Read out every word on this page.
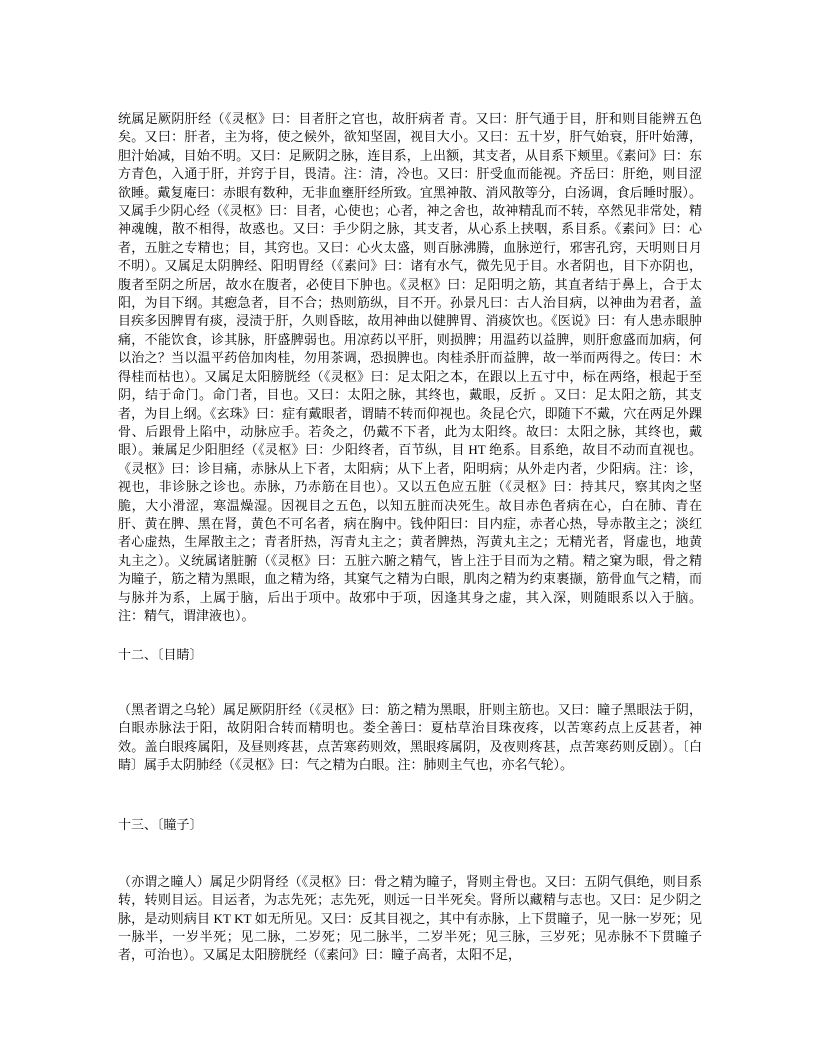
统属足厥阴肝经（《灵枢》曰：目者肝之官也，故肝病者 青。又曰：肝气通于目，肝和则目能辨五色矣。又曰：肝者，主为将，使之候外，欲知坚固，视目大小。又曰：五十岁，肝气始衰，肝叶始薄，胆汁始减，目始不明。又曰：足厥阴之脉，连目系，上出额，其支者，从目系下颊里。《素问》曰：东方青色，入通于肝，并窍于目，畏清。注：清，冷也。又曰：肝受血而能视。齐岳曰：肝绝，则目涩欲睡。戴复庵曰：赤眼有数种，无非血壅肝经所致。宜黑神散、消风散等分，白汤调，食后睡时服）。又属手少阴心经（《灵枢》曰：目者，心使也；心者，神之舍也，故神精乱而不转，卒然见非常处，精神魂魄，散不相得，故惑也。又曰：手少阴之脉，其支者，从心系上挟咽，系目系。《素问》曰：心者，五脏之专精也；目，其窍也。又曰：心火太盛，则百脉沸腾，血脉逆行，邪害孔窍，天明则日月不明）。又属足太阴脾经、阳明胃经（《素问》曰：诸有水气，微先见于目。水者阴也，目下亦阴也，腹者至阴之所居，故水在腹者，必使目下肿也。《灵枢》曰：足阳明之筋，其直者结于鼻上，合于太阳，为目下纲。其瘛急者，目不合；热则筋纵，目不开。孙景凡曰：古人治目病，以神曲为君者，盖目疾多因脾胃有痰，浸渍于肝，久则昏眩，故用神曲以健脾胃、消痰饮也。《医说》曰：有人患赤眼肿痛，不能饮食，诊其脉，肝盛脾弱也。用凉药以平肝，则损脾；用温药以益脾，则肝愈盛而加病，何以治之？当以温平药倍加肉桂，勿用茶调，恐损脾也。肉桂杀肝而益脾，故一举而两得之。传曰：木得桂而枯也）。又属足太阳膀胱经（《灵枢》曰：足太阳之本，在跟以上五寸中，标在两络，根起于至阴，结于命门。命门者，目也。又曰：太阳之脉，其终也，戴眼，反折 。又曰：足太阳之筋，其支者，为目上纲。《玄珠》曰：症有戴眼者，谓睛不转而仰视也。灸昆仑穴，即随下不戴，穴在两足外踝骨、后跟骨上陷中，动脉应手。若灸之，仍戴不下者，此为太阳终。故曰：太阳之脉，其终也，戴眼）。兼属足少阳胆经（《灵枢》曰：少阳终者，百节纵，目 HT 绝系。目系绝，故目不动而直视也。《灵枢》曰：诊目痛，赤脉从上下者，太阳病；从下上者，阳明病；从外走内者，少阳病。注：诊，视也，非诊脉之诊也。赤脉，乃赤筋在目也）。又以五色应五脏（《灵枢》曰：持其尺，察其肉之坚脆，大小滑涩，寒温燥湿。因视目之五色，以知五脏而决死生。故目赤色者病在心，白在肺、青在肝、黄在脾、黑在肾，黄色不可名者，病在胸中。钱仲阳曰：目内症，赤者心热，导赤散主之；淡红者心虚热，生犀散主之；青者肝热，泻青丸主之；黄者脾热，泻黄丸主之；无精光者，肾虚也，地黄丸主之）。义统属诸脏腑（《灵枢》曰：五脏六腑之精气，皆上注于目而为之精。精之窠为眼，骨之精为瞳子，筋之精为黑眼，血之精为络，其窠气之精为白眼，肌肉之精为约束裹撷，筋骨血气之精，而与脉并为系，上属于脑，后出于项中。故邪中于项，因逢其身之虚，其入深，则随眼系以入于脑。注：精气，谓津液也）。

十二、〔目睛〕

（黑者谓之乌轮）属足厥阴肝经（《灵枢》曰：筋之精为黑眼，肝则主筋也。又曰：瞳子黑眼法于阴，白眼赤脉法于阳，故阴阳合转而精明也。娄全善曰：夏枯草治目珠夜疼，以苦寒药点上反甚者，神效。盖白眼疼属阳，及昼则疼甚，点苦寒药则效，黑眼疼属阴，及夜则疼甚，点苦寒药则反剧）。〔白睛〕属手太阴肺经（《灵枢》曰：气之精为白眼。注：肺则主气也，亦名气轮）。

十三、〔瞳子〕

（亦谓之瞳人）属足少阴肾经（《灵枢》曰：骨之精为瞳子，肾则主骨也。又曰：五阴气俱绝，则目系转，转则目运。目运者，为志先死；志先死，则远一日半死矣。肾所以藏精与志也。又曰：足少阴之脉，是动则病目 KT KT 如无所见。又曰：反其目视之，其中有赤脉，上下贯瞳子，见一脉一岁死；见一脉半，一岁半死；见二脉，二岁死；见二脉半，二岁半死；见三脉，三岁死；见赤脉不下贯瞳子者，可治也）。又属足太阳膀胱经（《素问》曰：瞳子高者，太阳不足，
